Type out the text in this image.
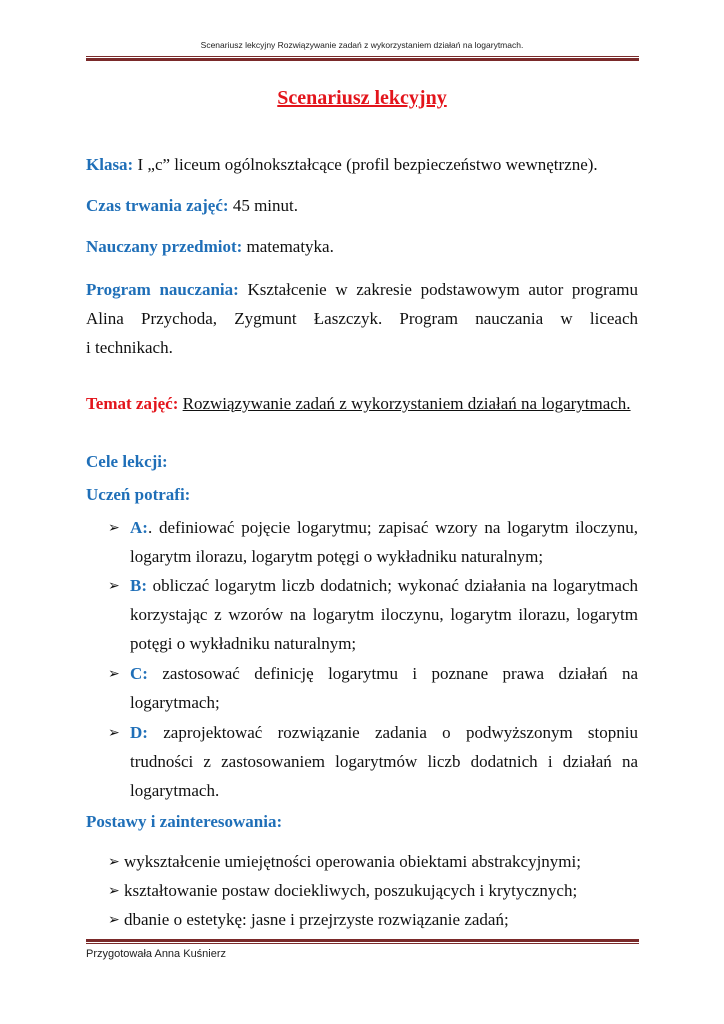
Scenariusz lekcyjny Rozwiązywanie zadań z wykorzystaniem działań na logarytmach.
Scenariusz lekcyjny
Klasa: I „c” liceum ogólnokształcące (profil bezpieczeństwo wewnętrzne).
Czas trwania zajęć: 45 minut.
Nauczany przedmiot: matematyka.
Program nauczania: Kształcenie w zakresie podstawowym autor programu
Alina Przychoda, Zygmunt Łaszczyk. Program nauczania w liceach
i technikach.
Temat zajęć: Rozwiązywanie zadań z wykorzystaniem działań na logarytmach.
Cele lekcji:
Uczeń potrafi:
➢ A:. definiować pojęcie logarytmu; zapisać wzory na logarytm iloczynu,
logarytm ilorazu, logarytm potęgi o wykładniku naturalnym;
➢ B: obliczać logarytm liczb dodatnich; wykonać działania na logarytmach
korzystając z wzorów na logarytm iloczynu, logarytm ilorazu, logarytm
potęgi o wykładniku naturalnym;
➢ C: zastosować definicję logarytmu i poznane prawa działań na
logarytmach;
➢ D: zaprojektować rozwiązanie zadania o podwyższonym stopniu
trudności z zastosowaniem logarytmów liczb dodatnich i działań na
logarytmach.
Postawy i zainteresowania:
➢ wykształcenie umiejętności operowania obiektami abstrakcyjnymi;
➢ kształtowanie postaw dociekliwych, poszukujących i krytycznych;
➢ dbanie o estetykę: jasne i przejrzyste rozwiązanie zadań;
Przygotowała Anna Kuśnierz
